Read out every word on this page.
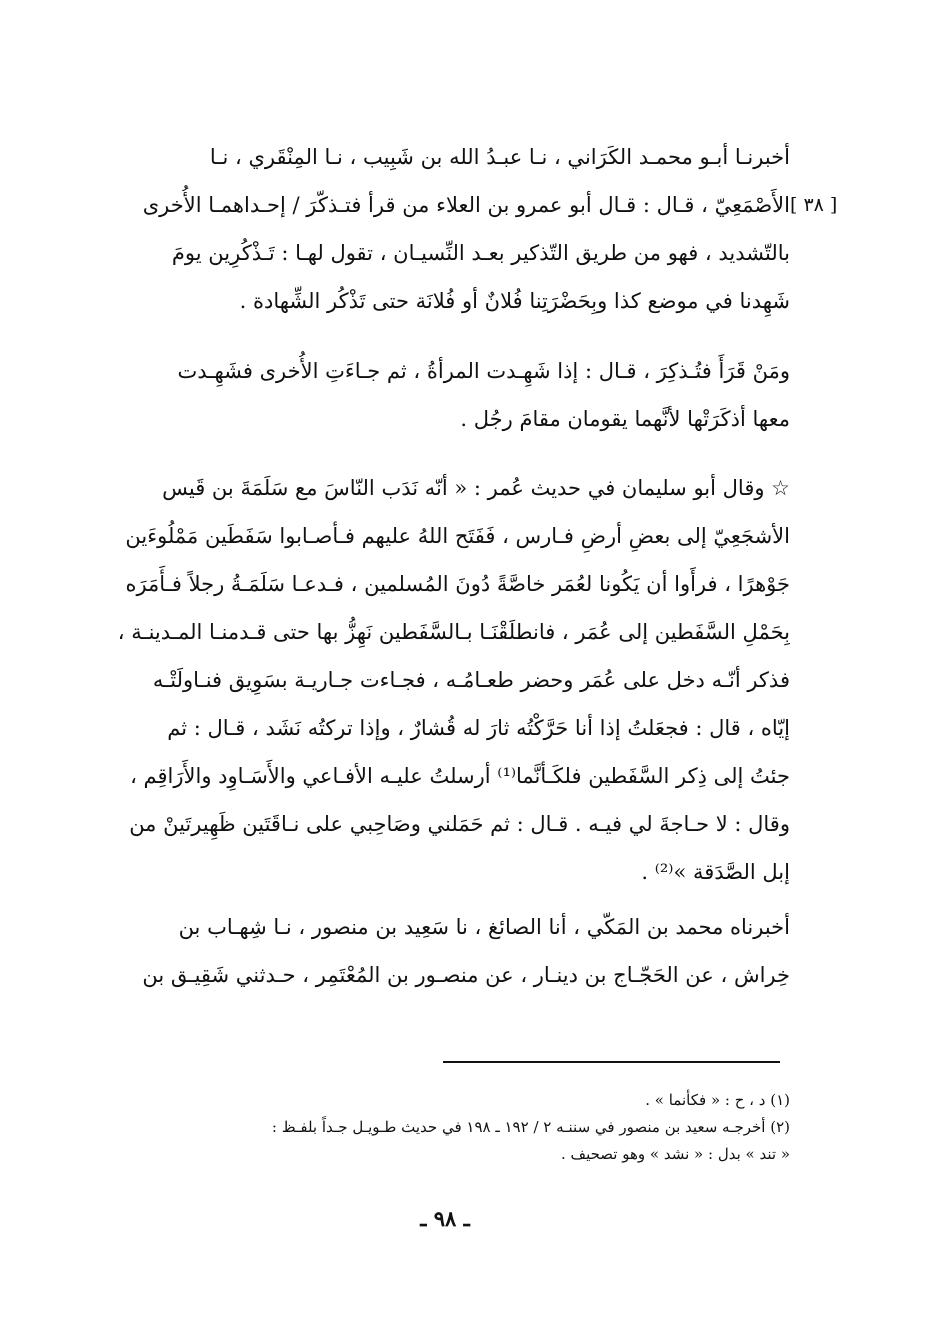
[ ٣٨ ]
أخبرنـا أبـو محمـد الكَرَاني ، نـا عبـدُ الله بن شَبِيب ، نـا المِنْقَري ، نـا
الأَصْمَعِيّ ، قـال : قـال أبو عمرو بن العلاء من قرأ فتـذكّرَ / إحـداهمـا الأُخرى
بالتّشديد ، فهو من طريق التّذكير بعـد النِّسيـان ، تقول لهـا : تَـذْكُرِين يومَ
شَهِدنا في موضع كذا وبِحَضْرَتِنا فُلانٌ أو فُلانَة حتى تَذْكُر الشِّهادة .
ومَنْ قَرَأَ فتُـذكِرَ ، قـال : إذا شَهِـدت المرأةُ ، ثم جـاءَتِ الأُخرى فشَهِـدت
معها أذكَرَتْها لأنَّهما يقومان مقامَ رجُل .
☆ وقال أبو سليمان في حديث عُمر : « أنّه نَدَب النّاسَ مع سَلَمَةَ بن قَيس
الأشجَعِيّ إلى بعضِ أرضِ فـارس ، فَفَتَح اللهُ عليهم فـأصـابوا سَفَطَين مَمْلُوءَين
جَوْهرًا ، فرأَوا أن يَكُونا لعُمَر خاصَّةً دُونَ المُسلمين ، فـدعـا سَلَمَـةُ رجلاً فـأَمَرَه
بِحَمْلِ السَّفَطين إلى عُمَر ، فانطلَقْنَـا بـالسَّفَطين نَهِزُّ بها حتى قـدمنـا المـدينـة ،
فذكر أنّـه دخل على عُمَر وحضر طعـامُـه ، فجـاءت جـاريـة بسَوِيق فنـاولَتْـه
إيّاه ، قال : فجعَلتُ إذا أنا حَرَّكْتُه ثارَ له قُشارٌ ، وإذا تركتُه نَشَد ، قـال : ثم
جئتُ إلى ذِكر السَّفَطين فلكَـأنَّما⁽¹⁾ أرسلتُ عليـه الأفـاعي والأَسَـاوِد والأَرَاقِم ،
وقال : لا حـاجةَ لي فيـه . قـال : ثم حَمَلني وصَاحِبي على نـاقَتَين ظَهِيرتَينْ من
إبل الصَّدَقة »⁽²⁾ .
أخبرناه محمد بن المَكّي ، أنا الصائغ ، نا سَعِيد بن منصور ، نـا شِهـاب بن
خِراش ، عن الحَجّـاج بن دينـار ، عن منصـور بن المُعْتَمِر ، حـدثني شَقِيـق بن
(١) د ، ح : « فكأنما » .
(٢) أخرجـه سعيد بن منصور في سننـه ٢ / ١٩٢ ـ ١٩٨ في حديث طـويـل جـداً بلفـظ :
« تند » بدل : « نشد » وهو تصحيف .
ـ ٩٨ ـ
